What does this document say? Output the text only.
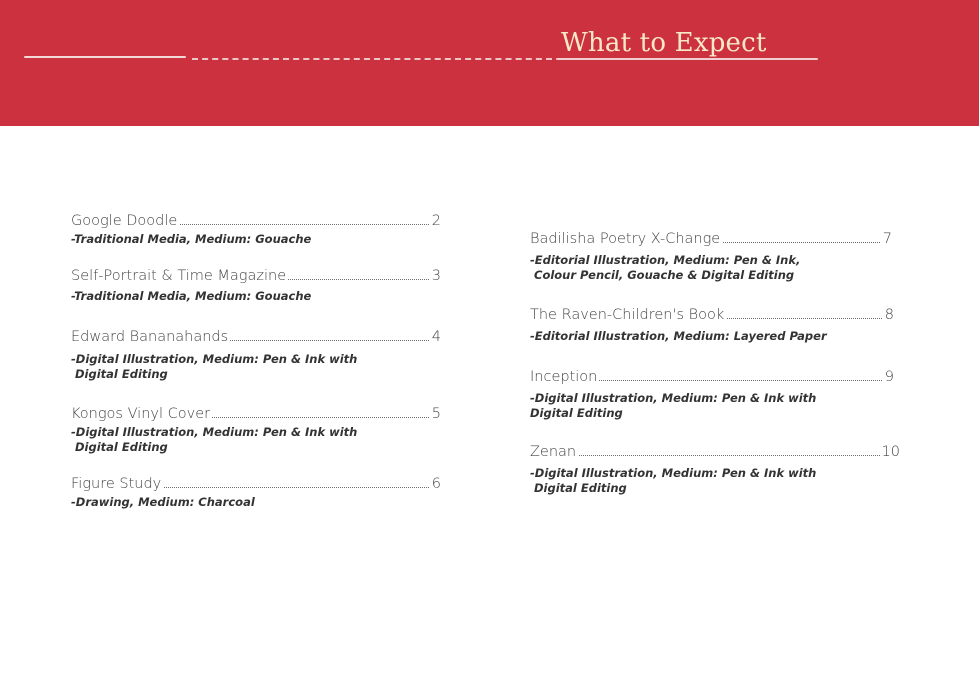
What to Expect
Google Doodle	2
-Traditional Media, Medium: Gouache
Self-Portrait & Time Magazine	3
-Traditional Media, Medium: Gouache
Edward Bananahands	4
-Digital Illustration, Medium: Pen & Ink with
Digital Editing
Kongos Vinyl Cover	5
-Digital Illustration, Medium: Pen & Ink with
Digital Editing
Figure Study	6
-Drawing, Medium: Charcoal
Badilisha Poetry X-Change	7
-Editorial Illustration, Medium: Pen & Ink,
Colour Pencil, Gouache & Digital Editing
The Raven-Children's Book	8
-Editorial Illustration, Medium: Layered Paper
Inception	9
-Digital Illustration, Medium: Pen & Ink with
Digital Editing
Zenan	10
-Digital Illustration, Medium: Pen & Ink with
Digital Editing
